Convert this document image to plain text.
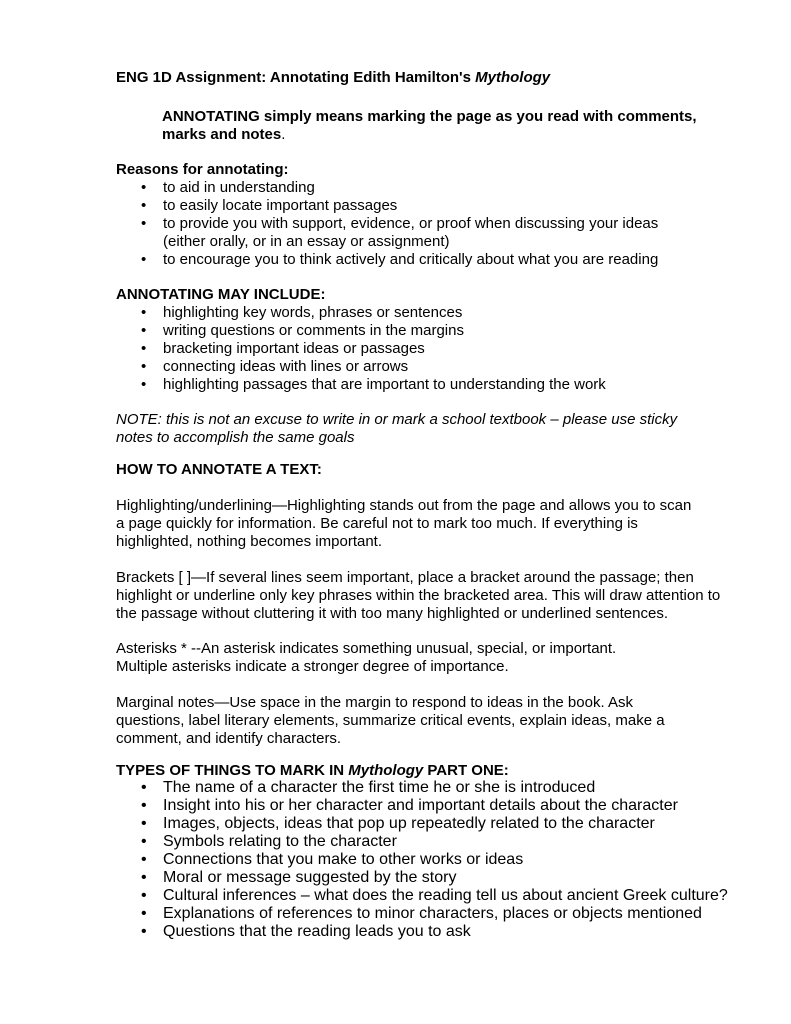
ENG 1D Assignment: Annotating Edith Hamilton's Mythology
ANNOTATING simply means marking the page as you read with comments, marks and notes.
Reasons for annotating:
• to aid in understanding
• to easily locate important passages
• to provide you with support, evidence, or proof when discussing your ideas (either orally, or in an essay or assignment)
• to encourage you to think actively and critically about what you are reading
ANNOTATING MAY INCLUDE:
• highlighting key words, phrases or sentences
• writing questions or comments in the margins
• bracketing important ideas or passages
• connecting ideas with lines or arrows
• highlighting passages that are important to understanding the work

NOTE: this is not an excuse to write in or mark a school textbook – please use sticky notes to accomplish the same goals

HOW TO ANNOTATE A TEXT:

Highlighting/underlining—Highlighting stands out from the page and allows you to scan a page quickly for information. Be careful not to mark too much. If everything is highlighted, nothing becomes important.

Brackets [ ]—If several lines seem important, place a bracket around the passage; then highlight or underline only key phrases within the bracketed area. This will draw attention to the passage without cluttering it with too many highlighted or underlined sentences.

Asterisks * --An asterisk indicates something unusual, special, or important. Multiple asterisks indicate a stronger degree of importance.

Marginal notes—Use space in the margin to respond to ideas in the book. Ask questions, label literary elements, summarize critical events, explain ideas, make a comment, and identify characters.

TYPES OF THINGS TO MARK IN Mythology PART ONE:
• The name of a character the first time he or she is introduced
• Insight into his or her character and important details about the character
• Images, objects, ideas that pop up repeatedly related to the character
• Symbols relating to the character
• Connections that you make to other works or ideas
• Moral or message suggested by the story
• Cultural inferences – what does the reading tell us about ancient Greek culture?
• Explanations of references to minor characters, places or objects mentioned
• Questions that the reading leads you to ask
